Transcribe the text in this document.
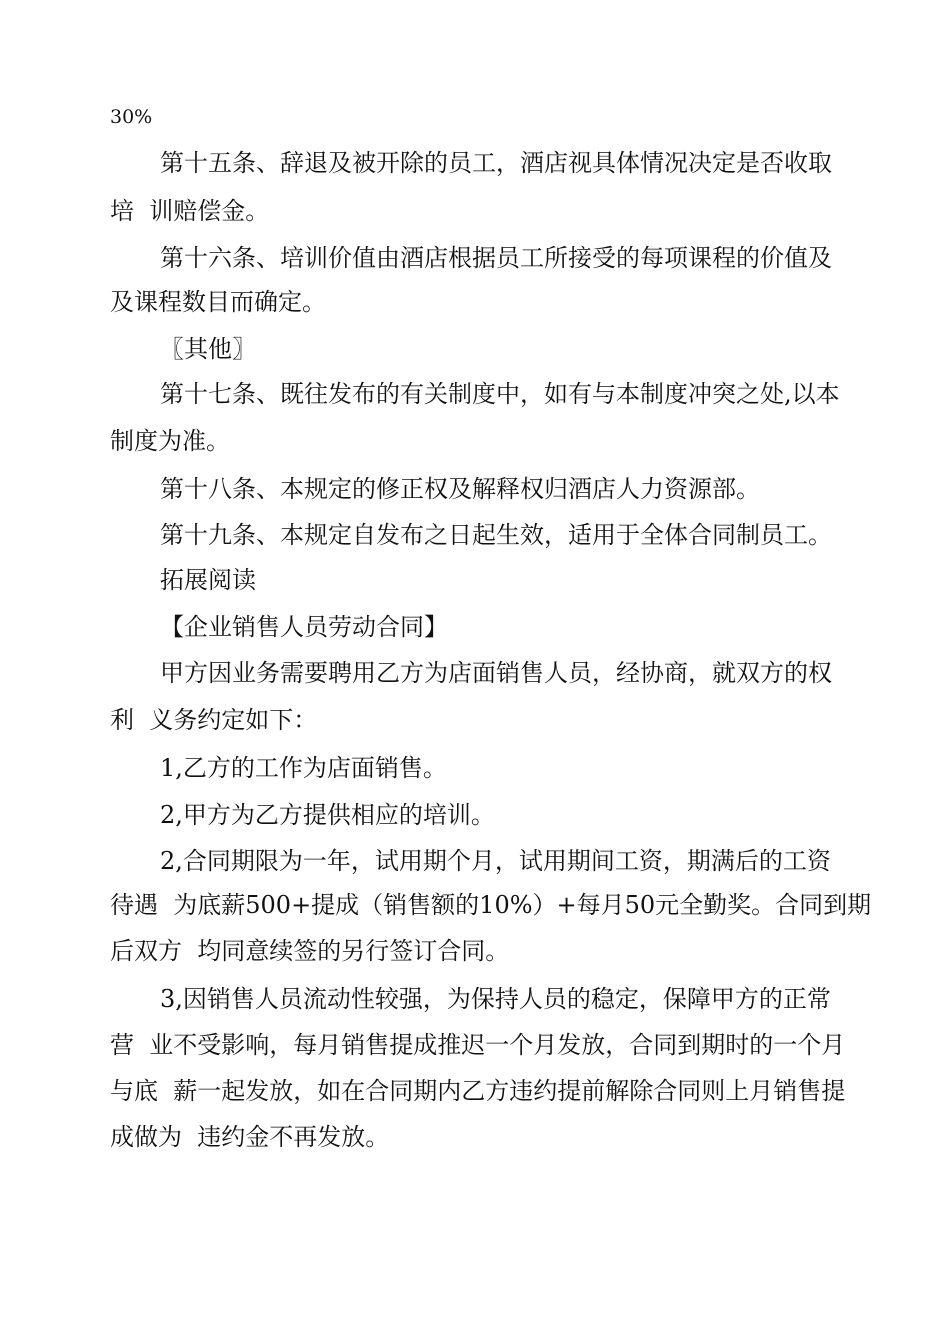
30%
第十五条、辞退及被开除的员工，酒店视具体情况决定是否收取
培  训赔偿金。
第十六条、培训价值由酒店根据员工所接受的每项课程的价值及
及课程数目而确定。
〖其他〗
第十七条、既往发布的有关制度中，如有与本制度冲突之处,以本
制度为准。
第十八条、本规定的修正权及解释权归酒店人力资源部。
第十九条、本规定自发布之日起生效，适用于全体合同制员工。
拓展阅读
【企业销售人员劳动合同】
甲方因业务需要聘用乙方为店面销售人员，经协商，就双方的权
利  义务约定如下：
1,乙方的工作为店面销售。
2,甲方为乙方提供相应的培训。
2,合同期限为一年，试用期个月，试用期间工资，期满后的工资
待遇  为底薪500+提成（销售额的10%）+每月50元全勤奖。合同到期
后双方  均同意续签的另行签订合同。
3,因销售人员流动性较强，为保持人员的稳定，保障甲方的正常
营  业不受影响，每月销售提成推迟一个月发放，合同到期时的一个月
与底  薪一起发放，如在合同期内乙方违约提前解除合同则上月销售提
成做为  违约金不再发放。
